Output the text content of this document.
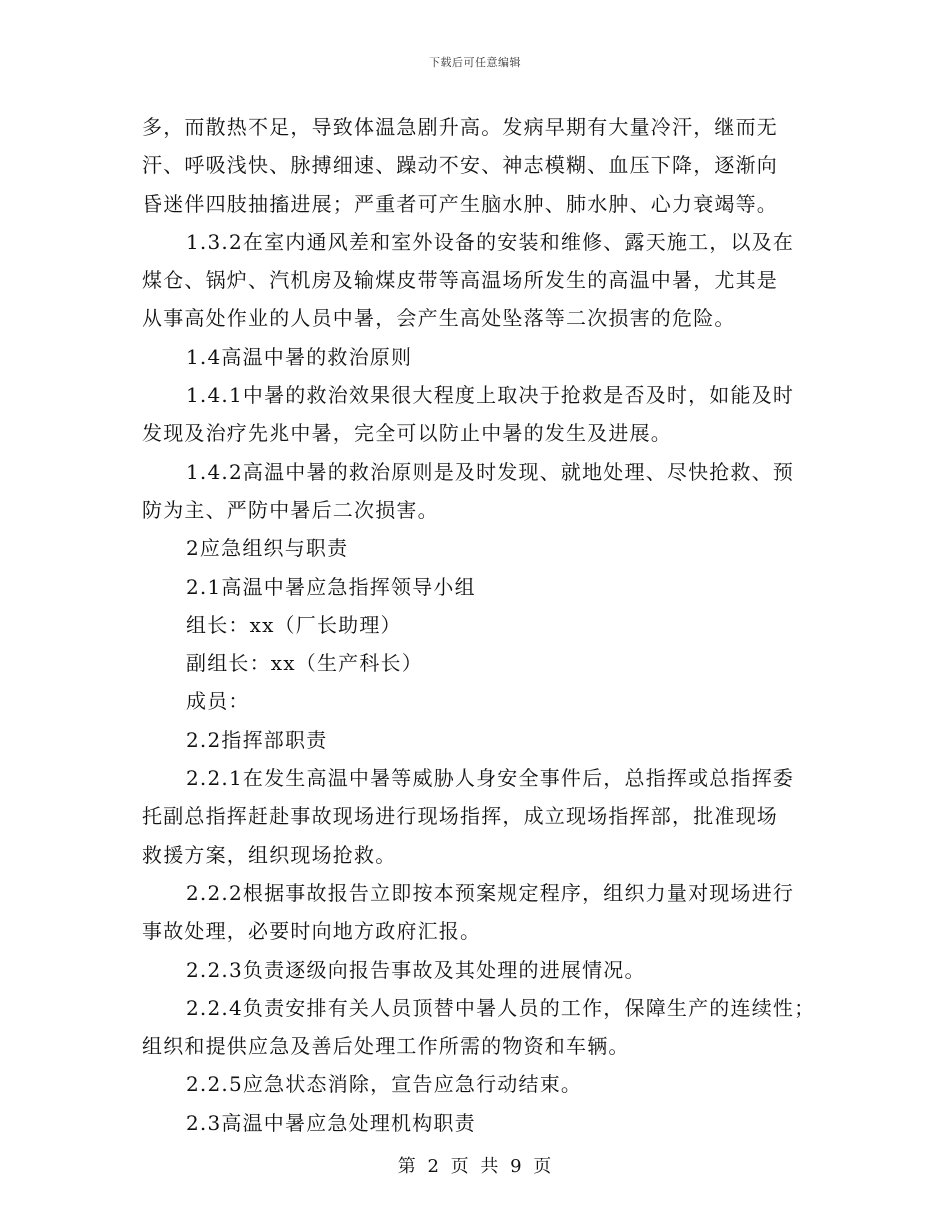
下载后可任意编辑
多，而散热不足，导致体温急剧升高。发病早期有大量冷汗，继而无
汗、呼吸浅快、脉搏细速、躁动不安、神志模糊、血压下降，逐渐向
昏迷伴四肢抽搐进展；严重者可产生脑水肿、肺水肿、心力衰竭等。
1.3.2在室内通风差和室外设备的安装和维修、露天施工，以及在
煤仓、锅炉、汽机房及输煤皮带等高温场所发生的高温中暑，尤其是
从事高处作业的人员中暑，会产生高处坠落等二次损害的危险。
1.4高温中暑的救治原则
1.4.1中暑的救治效果很大程度上取决于抢救是否及时，如能及时
发现及治疗先兆中暑，完全可以防止中暑的发生及进展。
1.4.2高温中暑的救治原则是及时发现、就地处理、尽快抢救、预
防为主、严防中暑后二次损害。
2应急组织与职责
2.1高温中暑应急指挥领导小组
组长：xx（厂长助理）
副组长：xx（生产科长）
成员：
2.2指挥部职责
2.2.1在发生高温中暑等威胁人身安全事件后，总指挥或总指挥委
托副总指挥赶赴事故现场进行现场指挥，成立现场指挥部，批准现场
救援方案，组织现场抢救。
2.2.2根据事故报告立即按本预案规定程序，组织力量对现场进行
事故处理，必要时向地方政府汇报。
2.2.3负责逐级向报告事故及其处理的进展情况。
2.2.4负责安排有关人员顶替中暑人员的工作，保障生产的连续性；
组织和提供应急及善后处理工作所需的物资和车辆。
2.2.5应急状态消除，宣告应急行动结束。
2.3高温中暑应急处理机构职责
第 2 页 共 9 页
